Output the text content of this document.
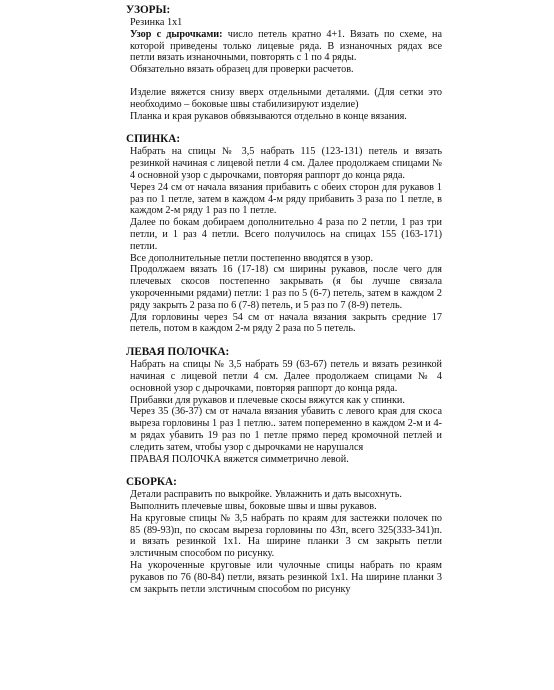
УЗОРЫ:

Резинка 1х1

Узор с дырочками: число петель кратно 4+1. Вязать по схеме, на которой приведены только лицевые ряда. В изнаночных рядах все петли вязать изнаночными, повторять с 1 по 4 ряды.

Обязательно вязать образец для проверки расчетов.

Изделие вяжется снизу вверх отдельными деталями. (Для сетки это необходимо – боковые швы стабилизируют изделие)

Планка и края рукавов обвязываются отдельно в конце вязания.

СПИНКА:

Набрать на спицы № 3,5 набрать 115 (123-131) петель и вязать резинкой начиная с лицевой петли 4 см. Далее продолжаем спицами № 4 основной узор с дырочками, повторяя раппорт до конца ряда.

Через 24 см от начала вязания прибавить с обеих сторон для рукавов 1 раз по 1 петле, затем в каждом 4-м ряду прибавить 3 раза по 1 петле, в каждом 2-м ряду 1 раз по 1 петле.

Далее по бокам добираем дополнительно 4 раза по 2 петли, 1 раз три петли, и 1 раз 4 петли. Всего получилось на спицах 155 (163-171) петли.

Все дополнительные петли постепенно вводятся в узор.

Продолжаем вязать 16 (17-18) см ширины рукавов, после чего для плечевых скосов постепенно закрывать (я бы лучше связала укороченными рядами) петли: 1 раз по 5 (6-7) петель, затем в каждом 2 ряду закрыть 2 раза по 6 (7-8) петель, и 5 раз по 7 (8-9) петель.

Для горловины через 54 см от начала вязания закрыть средние 17 петель, потом в каждом 2-м ряду 2 раза по 5 петель.

ЛЕВАЯ ПОЛОЧКА:

Набрать на спицы № 3,5 набрать 59 (63-67) петель и вязать резинкой начиная с лицевой петли 4 см. Далее продолжаем спицами № 4 основной узор с дырочками, повторяя раппорт до конца ряда.

Прибавки для рукавов и плечевые скосы вяжутся как у спинки.

Через 35 (36-37) см от начала вязания убавить с левого края для скоса выреза горловины 1 раз 1 петлю.. затем попеременно в каждом 2-м и 4-м рядах убавить 19 раз по 1 петле прямо перед кромочной петлей и следить затем, чтобы узор с дырочками не нарушался

ПРАВАЯ ПОЛОЧКА вяжется симметрично левой.

СБОРКА:

Детали расправить по выкройке. Увлажнить и дать высохнуть.

Выполнить плечевые швы, боковые швы и швы рукавов.

На круговые спицы № 3,5 набрать по краям для застежки полочек по 85 (89-93)п, по скосам выреза горловины по 43п, всего 325(333-341)п. и вязать резинкой 1х1. На ширине планки 3 см закрыть петли элстичным способом по рисунку.

На укороченные круговые или чулочные спицы набрать по краям рукавов по 76 (80-84) петли, вязать резинкой 1х1. На ширине планки 3 см закрыть петли элстичным способом по рисунку
